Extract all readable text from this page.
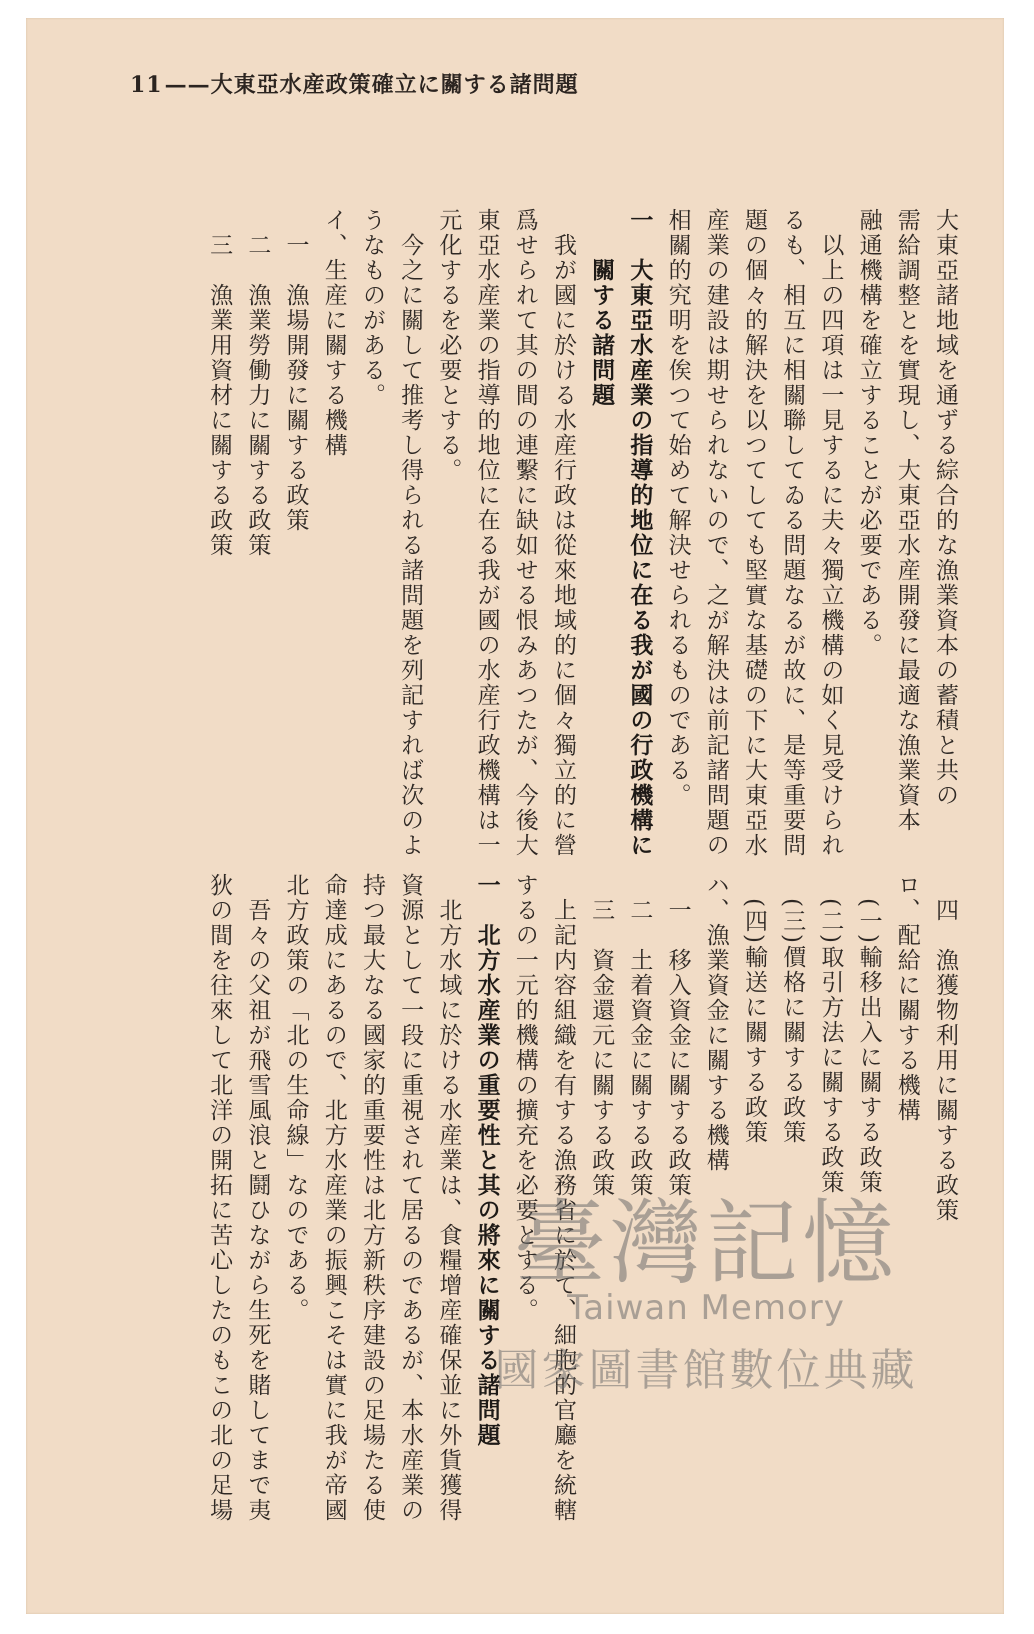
11——大東亞水産政策確立に關する諸問題
大東亞諸地域を通ずる綜合的な漁業資本の蓄積と共の
需給調整とを實現し、大東亞水産開發に最適な漁業資本
融通機構を確立することが必要である。
　以上の四項は一見するに夫々獨立機構の如く見受けられ
るも、相互に相關聯してゐる問題なるが故に、是等重要問
題の個々的解決を以つてしても堅實な基礎の下に大東亞水
産業の建設は期せられないので、之が解決は前記諸問題の
相關的究明を俟つて始めて解決せられるものである。
一　大東亞水産業の指導的地位に在る我が國の行政機構に
　　關する諸問題
　我が國に於ける水産行政は從來地域的に個々獨立的に營
爲せられて其の間の連繫に缺如せる恨みあつたが、今後大
東亞水産業の指導的地位に在る我が國の水産行政機構は一
元化するを必要とする。
　今之に關して推考し得られる諸問題を列記すれば次のよ
うなものがある。
イ、生産に關する機構
　一　漁場開發に關する政策
　二　漁業勞働力に關する政策
　三　漁業用資材に關する政策
　四　漁獲物利用に關する政策
ロ、配給に關する機構
　(一)輸移出入に關する政策
　(二)取引方法に關する政策
　(三)價格に關する政策
　(四)輸送に關する政策
ハ、漁業資金に關する機構
　一　移入資金に關する政策
　二　土着資金に關する政策
　三　資金還元に關する政策
　上記内容組織を有する漁務省に於て、細胞的官廳を統轄
するの一元的機構の擴充を必要とする。
一　北方水産業の重要性と其の將來に關する諸問題
　北方水域に於ける水産業は、食糧增産確保並に外貨獲得
資源として一段に重視されて居るのであるが、本水産業の
持つ最大なる國家的重要性は北方新秩序建設の足場たる使
命達成にあるので、北方水産業の振興こそは實に我が帝國
北方政策の「北の生命線」なのである。
　吾々の父祖が飛雪風浪と鬪ひながら生死を賭してまで夷
狄の間を往來して北洋の開拓に苦心したのもこの北の足場	臺灣記憶
Taiwan Memory
國家圖書館數位典藏
